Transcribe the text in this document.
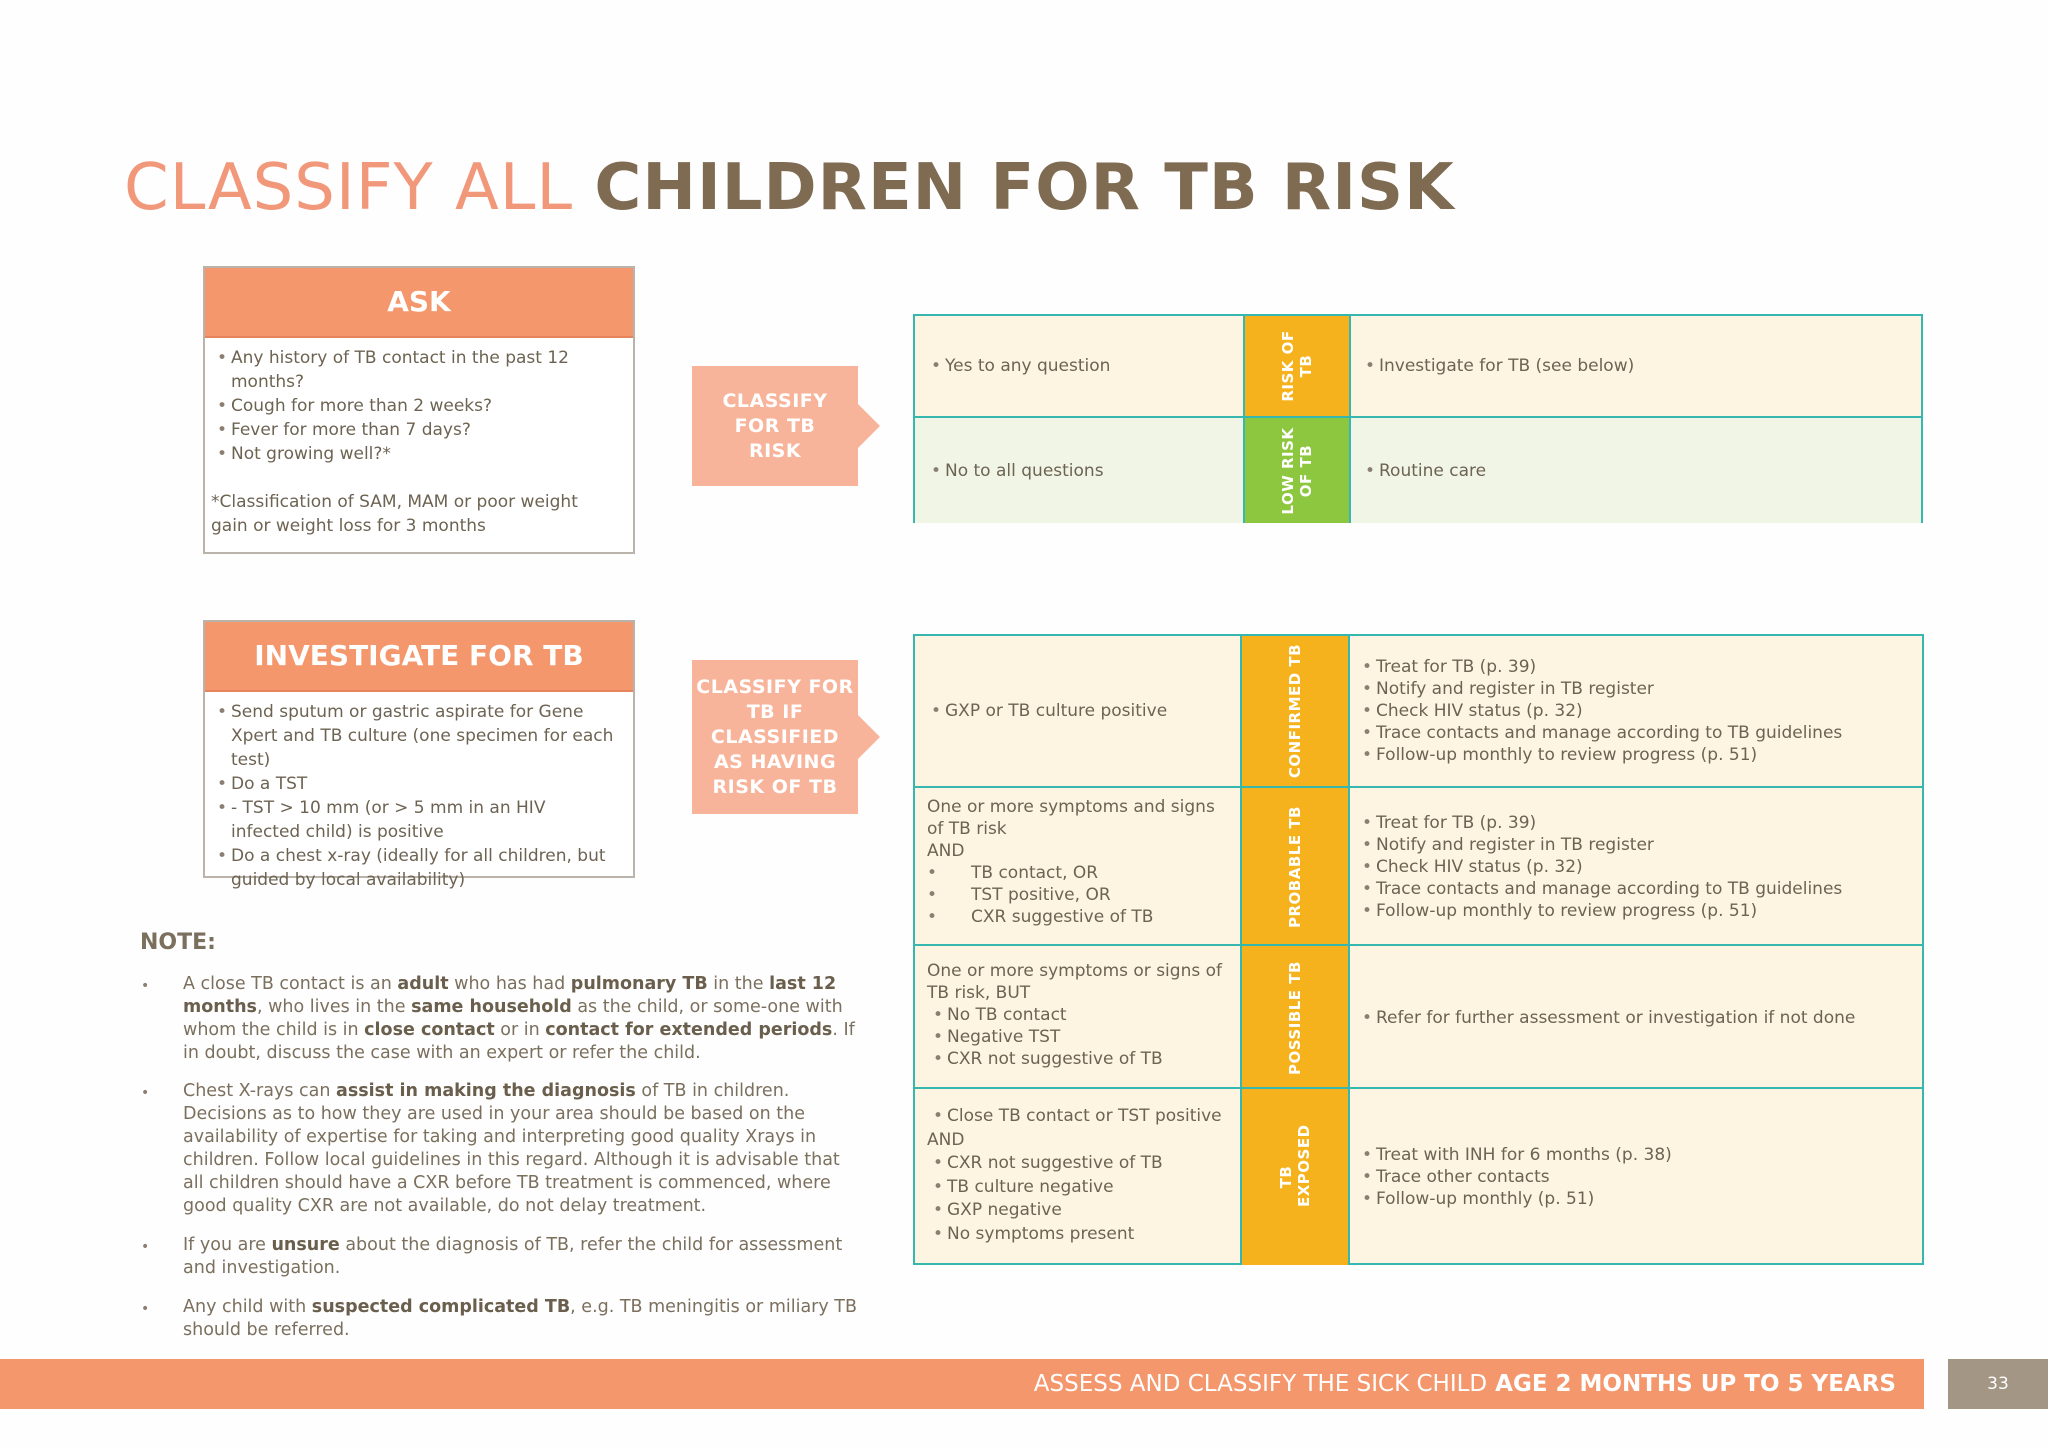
CLASSIFY ALL CHILDREN FOR TB RISK
ASK
• Any history of TB contact in the past 12 months?
• Cough for more than 2 weeks?
• Fever for more than 7 days?
• Not growing well?*
*Classification of SAM, MAM or poor weight gain or weight loss for 3 months
INVESTIGATE FOR TB
• Send sputum or gastric aspirate for Gene Xpert and TB culture (one specimen for each test)
• Do a TST
• - TST > 10 mm (or > 5 mm in an HIV infected child) is positive
• Do a chest x-ray (ideally for all children, but guided by local availability)
CLASSIFY FOR TB RISK
CLASSIFY FOR TB IF CLASSIFIED AS HAVING RISK OF TB
• Yes to any question	RISK OF TB	• Investigate for TB (see below)
• No to all questions	LOW RISK OF TB	• Routine care
• GXP or TB culture positive	CONFIRMED TB	• Treat for TB (p. 39)
• Notify and register in TB register
• Check HIV status (p. 32)
• Trace contacts and manage according to TB guidelines
• Follow-up monthly to review progress (p. 51)
One or more symptoms and signs of TB risk
AND
• TB contact, OR
• TST positive, OR
• CXR suggestive of TB	PROBABLE TB	• Treat for TB (p. 39)
• Notify and register in TB register
• Check HIV status (p. 32)
• Trace contacts and manage according to TB guidelines
• Follow-up monthly to review progress (p. 51)
One or more symptoms or signs of TB risk, BUT
• No TB contact
• Negative TST
• CXR not suggestive of TB	POSSIBLE TB	• Refer for further assessment or investigation if not done
• Close TB contact or TST positive
AND
• CXR not suggestive of TB
• TB culture negative
• GXP negative
• No symptoms present
TB EXPOSED	• Treat with INH for 6 months (p. 38)
• Trace other contacts
• Follow-up monthly (p. 51)
NOTE:
• A close TB contact is an adult who has had pulmonary TB in the last 12 months, who lives in the same household as the child, or some-one with whom the child is in close contact or in contact for extended periods. If in doubt, discuss the case with an expert or refer the child.
• Chest X-rays can assist in making the diagnosis of TB in children. Decisions as to how they are used in your area should be based on the availability of expertise for taking and interpreting good quality Xrays in children. Follow local guidelines in this regard. Although it is advisable that all children should have a CXR before TB treatment is commenced, where good quality CXR are not available, do not delay treatment.
• If you are unsure about the diagnosis of TB, refer the child for assessment and investigation.
• Any child with suspected complicated TB, e.g. TB meningitis or miliary TB should be referred.
ASSESS AND CLASSIFY THE SICK CHILD AGE 2 MONTHS UP TO 5 YEARS	33
